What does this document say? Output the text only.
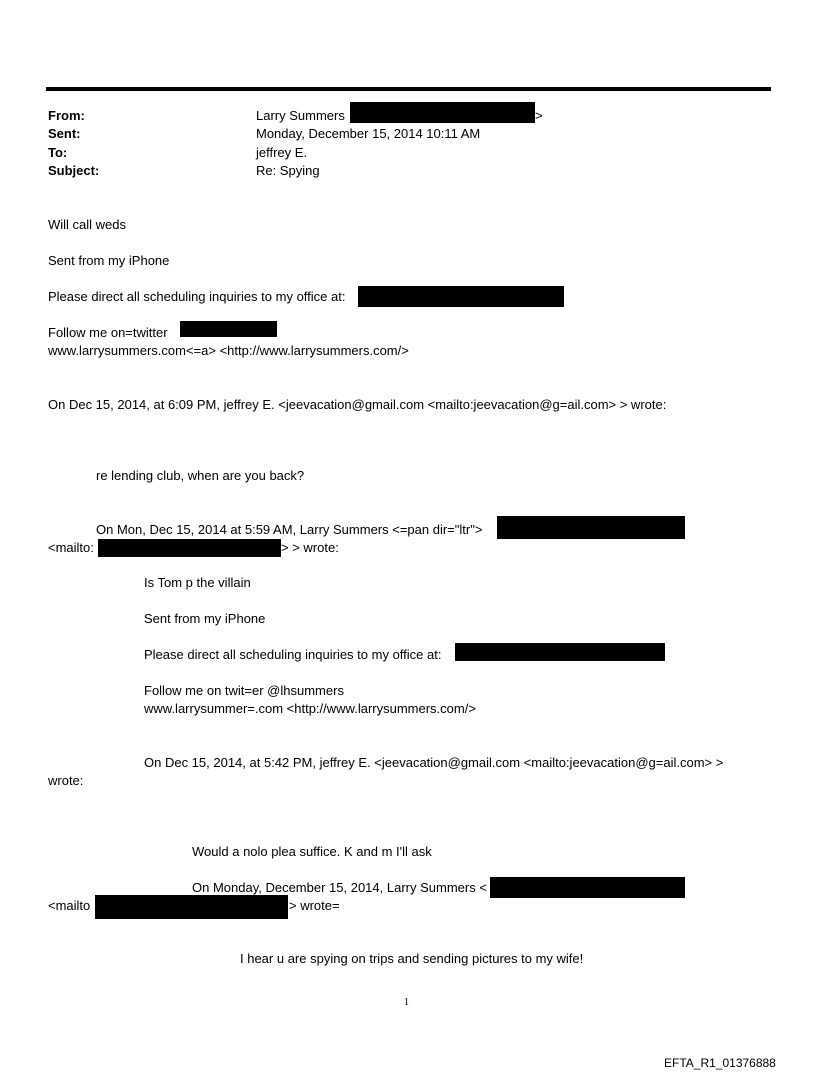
From:	Larry Summers	>
Sent:	Monday, December 15, 2014 10:11 AM
To:	jeffrey E.
Subject:	Re: Spying
Will call weds
Sent from my iPhone
Please direct all scheduling inquiries to my office at:
Follow me on=twitter
www.larrysummers.com<=a> <http://www.larrysummers.com/>
On Dec 15, 2014, at 6:09 PM, jeffrey E. <jeevacation@gmail.com <mailto:jeevacation@g=ail.com> > wrote:
re lending club, when are you back?
On Mon, Dec 15, 2014 at 5:59 AM, Larry Summers <=pan dir="ltr">
<mailto:	> > wrote:
Is Tom p the villain
Sent from my iPhone
Please direct all scheduling inquiries to my office at:
Follow me on twit=er @lhsummers
www.larrysummer=.com <http://www.larrysummers.com/>
On Dec 15, 2014, at 5:42 PM, jeffrey E. <jeevacation@gmail.com <mailto:jeevacation@g=ail.com> >
wrote:
Would a nolo plea suffice. K and m I'll ask
On Monday, December 15, 2014, Larry Summers <
<mailto	> wrote=
I hear u are spying on trips and sending pictures to my wife!
1
EFTA_R1_01376888
